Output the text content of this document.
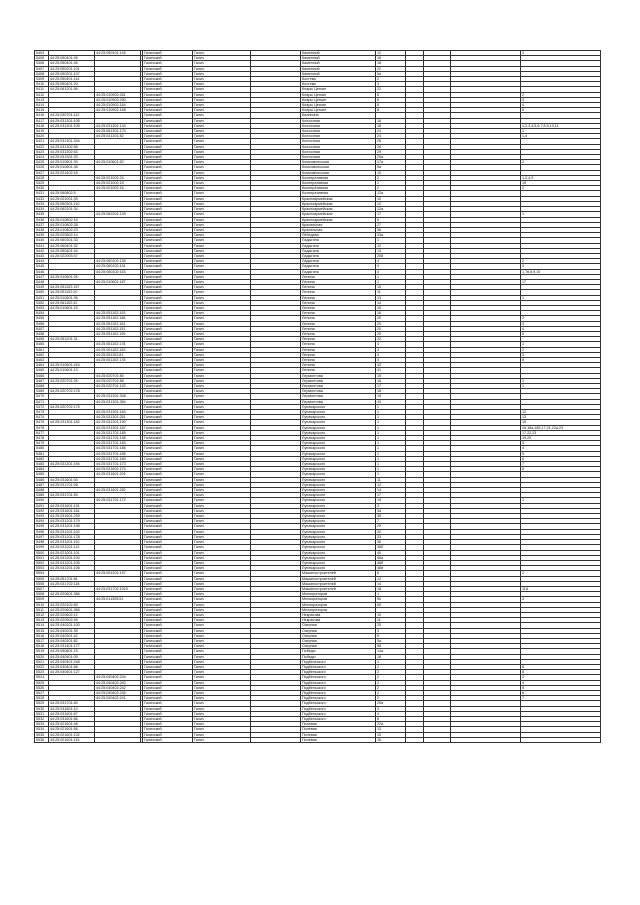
5404		44:25:050101:145		Галичский	Галич		Каменный	12				3
5405	44:25:050401:45			Галичский	Галич		Каменный	16				
5406	44:25:050401:46			Галичский	Галич		Каменный	18				
5407	44:25:050201:101			Галичский	Галич		Каменный	22				
5408	44:25:050201:107			Галичский	Галич		Каменный	5а				
5409	44:25:050401:114			Галичский	Галич		Костева	2				
5410	44:25:050401:20			Галичский	Галич		Костева	3				
5411	44:25:061201:56			Галичский	Галич		Клары Цеткин	22				
5412		44:25:010902:261		Галичский	Галич		Клары Цеткин	8				2
5413		44:25:010902:290		Галичский	Галич		Клары Цеткин	8				3
5414		44:25:010902:164		Галичский	Галич		Клары Цеткин	8				4
5415		44:25:010902:168		Галичский	Галич		Клары Цеткин	8				5
5416	44:25:030701:112			Галичский	Галич		Калинина					
5417	44:25:031301:105			Галичский	Галич		Колхозная	16				
5418	44:25:031301:105	44:25:031301:134		Галичский	Галич		Колхозная	18				1,2,3,4,5,6,7,8,9,10,11
5419		44:25:061301:170		Галичский	Галич		Колхозная	24				1
5420		44:25:031301:82		Галичский	Галич		Колхозная	24				1-4
5421	44:25:031301:344			Галичский	Галич		Колхозная	26				
5422	44:25:031302:58			Галичский	Галич		Колхозная	28				
5423	44:25:031302:63			Галичский	Галич		Колхозная	29				
5424	44:25:041301:33			Галичский	Галич		Колхозная	29а				
5425	44:25:010601:39	44:25:010601:52		Галичский	Галич		Комсомольская	17а				2
5426	44:25:010601:38			Галичский	Галич		Комсомольская	5а				
5427	44:25:021402:18			Галичский	Галич		Комсомольская	10				
5428		44:25:021002:24		Галичский	Галич		Кооперативная	2				1,2,4,9
5429		44:25:021002:15		Галичский	Галич		Кооперативная	2				1б
5430		44:25:021002:16		Галичский	Галич		Кооперативная	2				2
5431	44:25:060802:5			Галичский	Галич		Кооперативная	12а				
5432	44:25:021001:39			Галичский	Галич		Красноармейская	10				
5433	44:25:050301:110			Галичский	Галич		Красноармейская	12				
5434	44:25:062201:34			Галичский	Галич		Красноармейская	12а				
5435		44:25:062201:139		Галичский	Галич		Красноармейская	17				1
5436	44:25:010802:15			Галичский	Галич		Красноармейская	5				
5437	44:25:010802:28			Галичский	Галич		Красильная	27				
5438	44:25:010802:23			Галичский	Галич		Красильная	36				
5439	44:25:020802:14			Галичский	Галич		Лебедева	33а				
5440	44:25:060301:33			Галичский	Галич		Ладыгина	1				
5441	44:25:060401:32			Галичский	Галич		Ладыгина	12				
5442	44:25:050401:44			Галичский	Галич		Ладыгина	13				
5443	44:25:022003:47			Галичский	Галич		Ладыгина	208				
5444		44:25:060102:138		Галичский	Галич		Ладыгина	4				2
5445		44:25:060102:161		Галичский	Галич		Ладыгина	4				3
5446		44:25:060102:163		Галичский	Галич		Ладыгина	4				1,7в,8,9,10
5447	44:25:010601:26			Галичский	Галич		Ленина	1				
5448		44:25:010601:187		Галичский	Галич		Ленина	1				17
5449	44:25:051102:157			Галичский	Галич		Ленина	10				
5450	44:25:051102:20			Галичский	Галич		Ленина	11				
5451	44:25:010601:36			Галичский	Галич		Ленина	13				1
5452	44:25:061102:32			Галичский	Галич		Ленина	14				
5453	44:25:010601:15			Галичский	Галич		Ленина	15				
5454		44:25:051102:193		Галичский	Галич		Ленина	16				
5455		44:25:051102:186		Галичский	Галич		Ленина	20				2
5456		44:25:051102:161		Галичский	Галич		Ленина	20				3
5457		44:25:051102:151		Галичский	Галич		Ленина	20				4
5458		44:25:051102:159		Галичский	Галич		Ленина	20				5
5459	44:25:051201:31			Галичский	Галич		Ленина	22				
5460		44:25:051102:178		Галичский	Галич		Ленина	4				1
5461		44:25:051102:183		Галичский	Галич		Ленина	4				2
5462		44:25:051102:81		Галичский	Галич		Ленина	4				3
5463		44:25:051102:178		Галичский	Галич		Ленина	4				6
5464	44:25:010601:416			Галичский	Галич		Ленина	43				
5465	44:25:010601:13			Галичский	Галич		Ленина	41				
5466		44:25:020701:80		Галичский	Галич		Лермонтова	15				
5467	44:25:020701:26	44:25:020701:88		Галичский	Галич		Лермонтова	16				1
5468		44:25:020701:102		Галичский	Галич		Лермонтова	17				1
5469	44:25:020702:178			Галичский	Галич		Лермонтова	18				
5470		44:25:031301:348		Галичский	Галич		Лермонтова	19				
5471		44:25:031301:364		Галичский	Галич		Лермонтова	43				
5472	44:25:020702:175			Галичский	Галич		Луначарского	1				
5473		44:25:031301:164		Галичский	Галич		Луначарского	1				12
5474		44:25:031301:261		Галичский	Галич		Луначарского	1				13
5475	44:25:031301:182	44:25:031301:190		Галичский	Галич		Луначарского	1				15
5476		44:25:031301:187		Галичский	Галич		Луначарского	1				16,18а,18б,17,21,22а,23
5477		44:25:031701:185		Галичский	Галич		Луначарского	1				17,22,23
5478		44:25:031701:196		Галичский	Галич		Луначарского	1				19,20
5479		44:25:031701:183		Галичский	Галич		Луначарского	1				3
5480		44:25:031701:186		Галичский	Галич		Луначарского	1				4
5481		44:25:031701:185		Галичский	Галич		Луначарского	1				5
5482		44:25:031701:180		Галичский	Галич		Луначарского	1				6
5483	44:25:031301:194	44:25:031701:173		Галичский	Галич		Луначарского	1				7
5484		44:25:031601:174		Галичский	Галич		Луначарского	1				8
5485		44:25:031601:201		Галичский	Галич		Луначарского	1				
5486	44:25:031601:04			Галичский	Галич		Луначарского	11				
5487	44:25:031701:08			Галичский	Галич		Луначарского	12				
5488		44:25:031601:282		Галичский	Галич		Луначарского	14				
5489	44:25:031701:54			Галичский	Галич		Луначарского	17				
5490		44:25:031701:172		Галичский	Галич		Луначарского	19				1
5491	44:25:031601:191			Галичский	Галич		Луначарского	3				
5492	44:25:031601:161			Галичский	Галич		Луначарского	3а				
5493	44:25:031601:239			Галичский	Галич		Луначарского	3б				
5494	44:25:031201:179			Галичский	Галич		Луначарского	7				
5495	44:25:031201:198			Галичский	Галич		Луначарского	29				
5496	44:25:031201:102			Галичский	Галич		Луначарского	32				
5497	44:25:031201:178			Галичский	Галич		Луначарского	33				
5498	44:25:031201:110			Галичский	Галич		Луначарского	36				
5499	44:25:031201:112			Галичский	Галич		Луначарского	36б				
5500	44:25:021001:101			Галичский	Галич		Луначарского	40				
5501	44:25:041201:104			Галичский	Галич		Луначарского	46а				
5502	44:25:041201:105			Галичский	Галич		Луначарского	46б				
5503	44:25:041201:106			Галичский	Галич		Луначарского	46в				
5504		44:25:051201:197		Галичский	Галич		Машиностроителей	6				2
5505	44:25:051701:81			Галичский	Галич		Машиностроителей	12				
5506	44:25:031702:118			Галичский	Галич		Машиностроителей	14				
5507		44:25:031702:1015		Галичский	Галич		Машиностроителей	18				118
5508	44:25:020601:366			Галичский	Галич		Мелиораторов	1				
5509		44:25:011305:51		Галичский	Галич		Мелиораторов	50				4
5510	44:25:020102:69			Галичский	Галич		Мелиораторов	60				
5511	44:25:020601:366			Галичский	Галич		Мелиораторов					
5512	44:25:020602:12			Галичский	Галич		Некрасова	10				
5513	44:25:020902:45			Галичский	Галич		Некрасова	11				
5514	44:25:040201:100			Галичский	Галич		Озерная	25				
5515	44:25:040201:35			Галичский	Галич		Озерная	3				
5516	44:25:040301:42			Галичский	Галич		Озерная	5				
5517	44:25:040301:82			Галичский	Галич		Озерная	5а				
5518	44:25:031401:177			Галичский	Галич		Озерная	5б				
5519	44:25:050801:15			Галичский	Галич		Победы	14а				
5520	44:25:040401:05			Галичский	Галич		Победы	16				
5521	44:25:040401:248			Галичский	Галич		Подбельского	1				
5522	44:25:040401:68			Галичский	Галич		Подбельского	2				8
5523	44:25:040401:127			Галичский	Галич		Подбельского	2				8
5524		44:25:040402:244		Галичский	Галич		Подбельского	2				3
5525		44:25:040402:240		Галичский	Галич		Подбельского	2				4
5526		44:25:040402:242		Галичский	Галич		Подбельского	2				5
5527		44:25:040402:245		Галичский	Галич		Подбельского	2				6
5528		44:25:040402:241		Галичский	Галич		Подбельского	2				7
5529	44:25:031701:84			Галичский	Галич		Подбельского	25а				
5530	44:25:031801:10			Галичский	Галич		Подбельского	3				
5531	44:25:031601:67			Галичский	Галич		Подбельского	4				
5532	44:25:031601:66			Галичский	Галич		Подбельского	8				
5533	44:25:021601:48			Галичский	Галич		Полевая	22а				
5534	44:25:021601:56			Галичский	Галич		Полевая	13				
5535	44:25:021601:132			Галичский	Галич		Полевая	15				
5536	44:25:021601:115			Галичский	Галич		Полевая	16				
